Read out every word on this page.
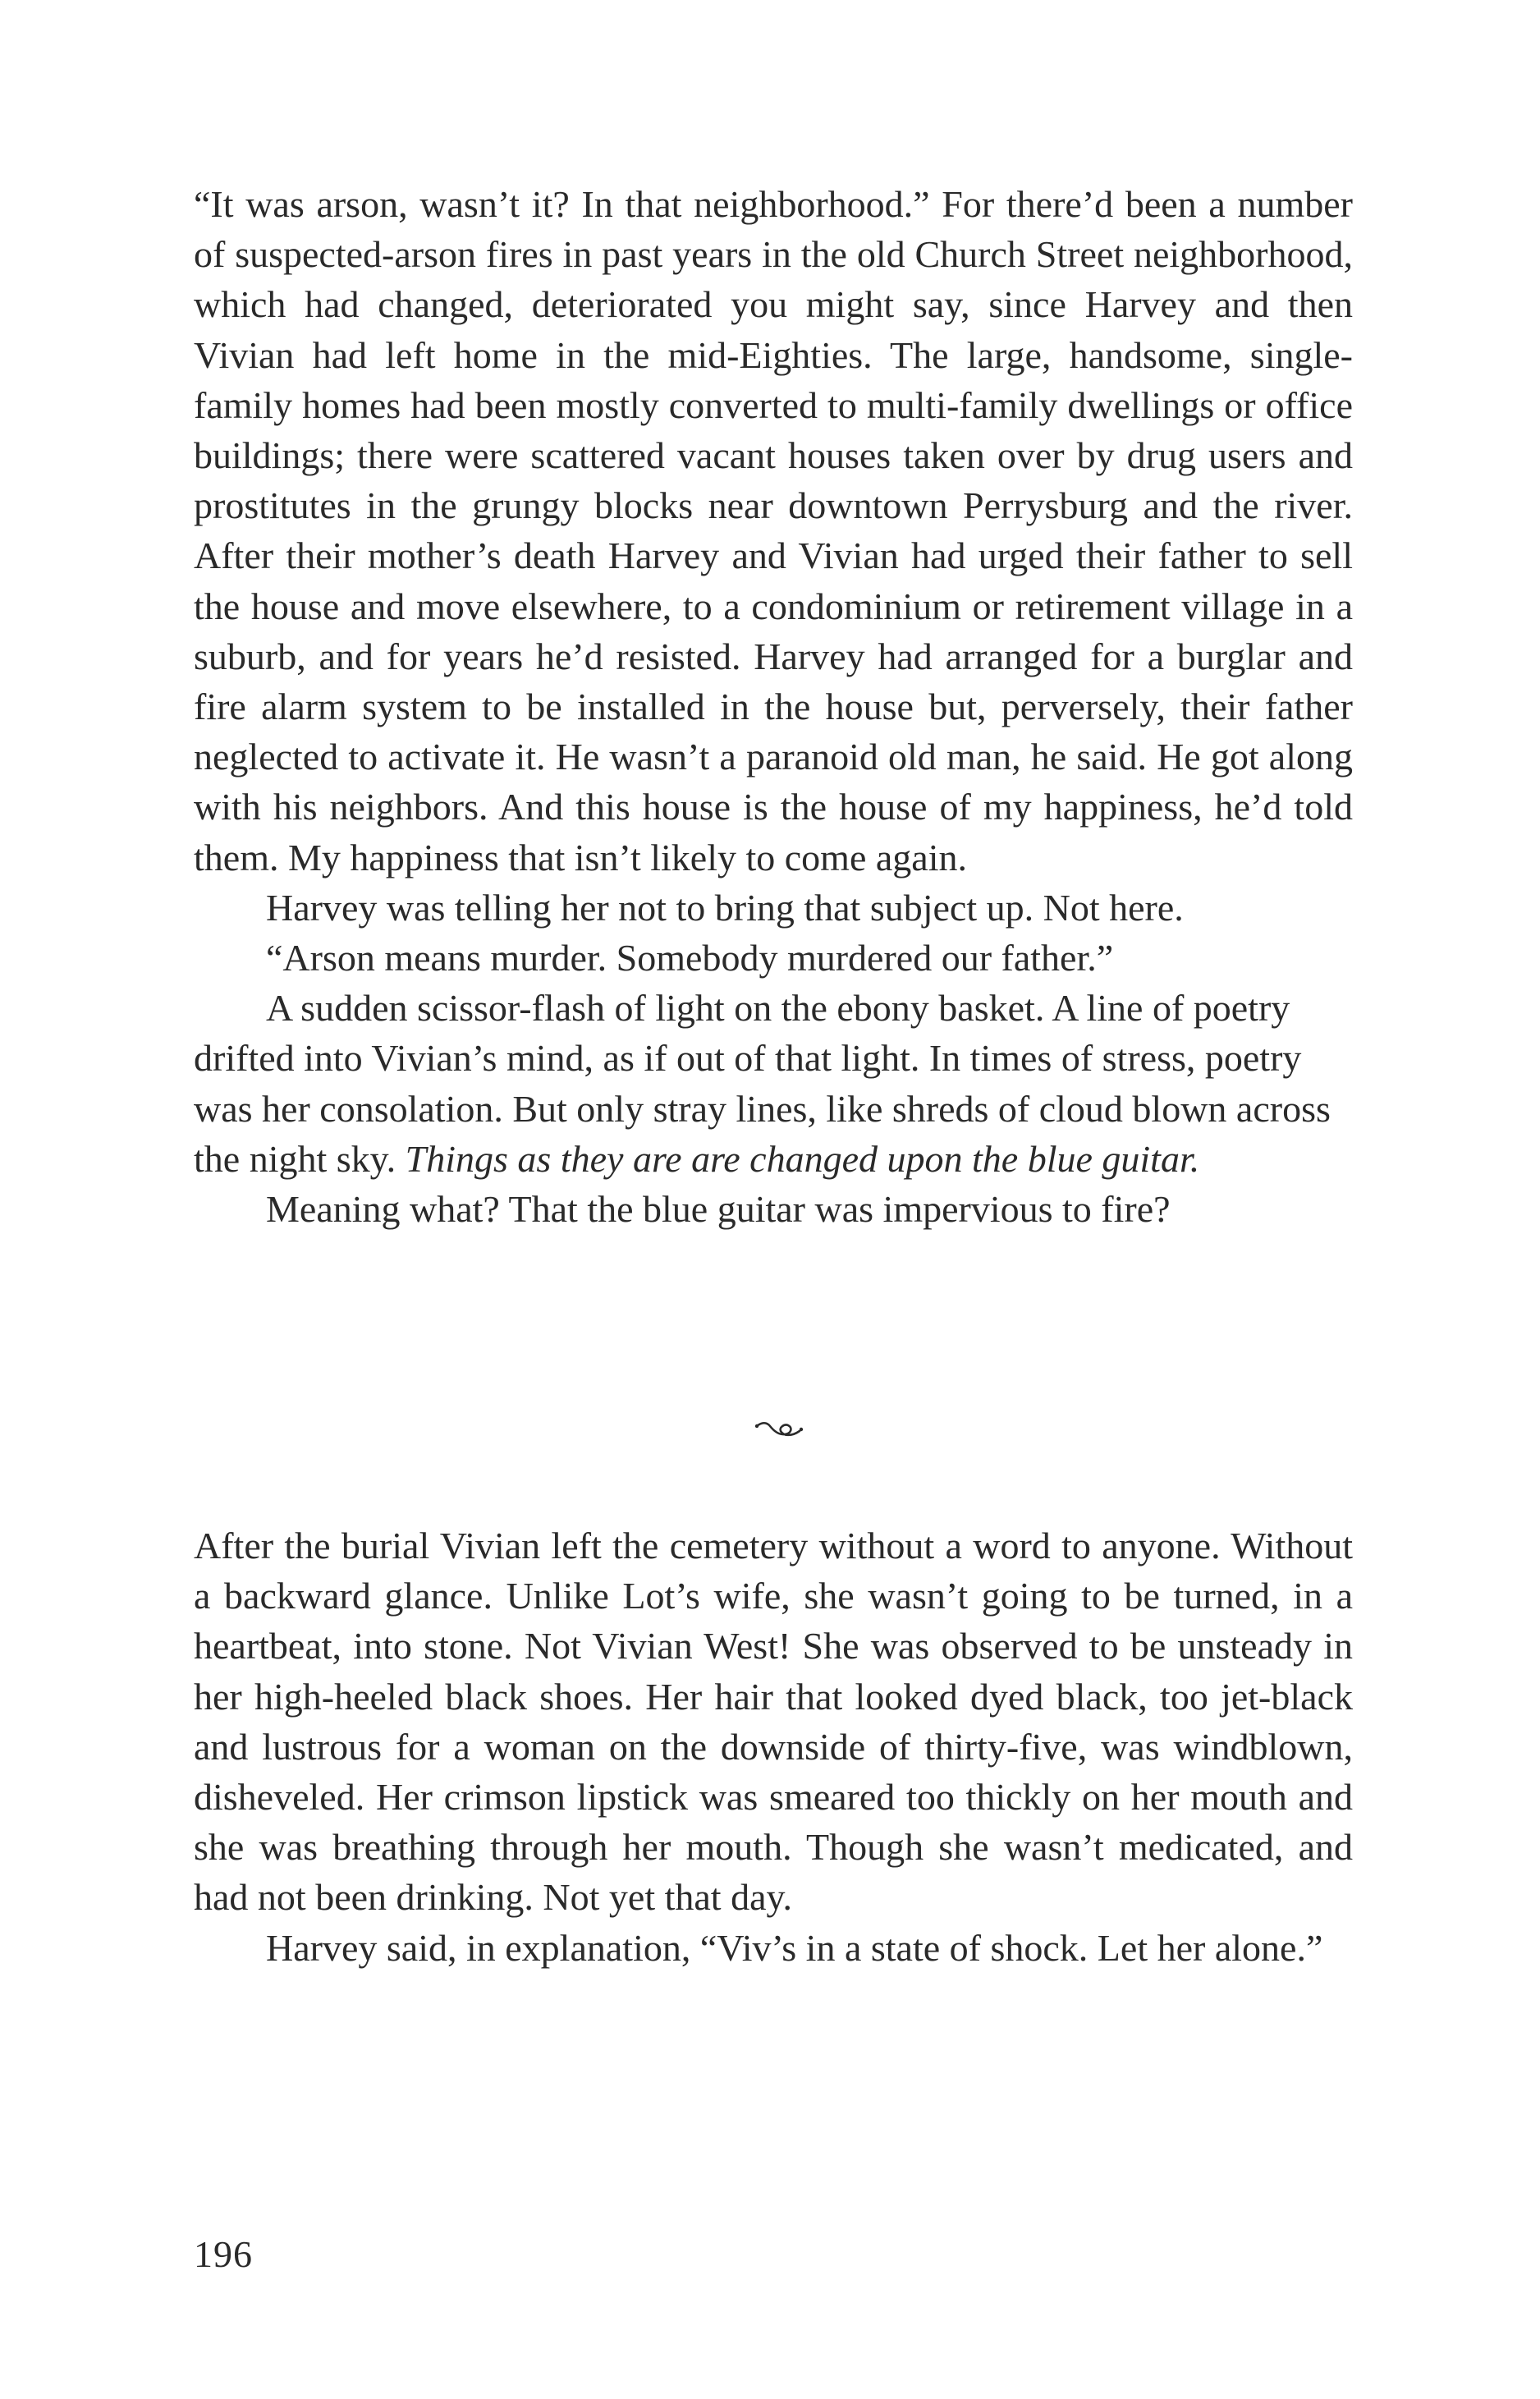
“It was arson, wasn’t it? In that neighborhood.” For there’d been a number of suspected-arson fires in past years in the old Church Street neighborhood, which had changed, deteriorated you might say, since Harvey and then Vivian had left home in the mid-Eighties. The large, handsome, single-family homes had been mostly converted to multi-family dwellings or office buildings; there were scattered vacant houses taken over by drug users and prostitutes in the grungy blocks near downtown Perrysburg and the river. After their mother’s death Harvey and Vivian had urged their father to sell the house and move elsewhere, to a condominium or retirement village in a suburb, and for years he’d resisted. Harvey had arranged for a burglar and fire alarm system to be installed in the house but, perversely, their father neglected to activate it. He wasn’t a paranoid old man, he said. He got along with his neighbors. And this house is the house of my happiness, he’d told them. My happiness that isn’t likely to come again.

Harvey was telling her not to bring that subject up. Not here.

“Arson means murder. Somebody murdered our father.”

A sudden scissor-flash of light on the ebony basket. A line of poetry drifted into Vivian’s mind, as if out of that light. In times of stress, poetry was her consolation. But only stray lines, like shreds of cloud blown across the night sky. Things as they are are changed upon the blue guitar.

Meaning what? That the blue guitar was impervious to fire?

After the burial Vivian left the cemetery without a word to anyone. Without a backward glance. Unlike Lot’s wife, she wasn’t going to be turned, in a heartbeat, into stone. Not Vivian West! She was observed to be unsteady in her high-heeled black shoes. Her hair that looked dyed black, too jet-black and lustrous for a woman on the downside of thirty-five, was windblown, disheveled. Her crimson lipstick was smeared too thickly on her mouth and she was breathing through her mouth. Though she wasn’t medicated, and had not been drinking. Not yet that day.

Harvey said, in explanation, “Viv’s in a state of shock. Let her alone.”

196
